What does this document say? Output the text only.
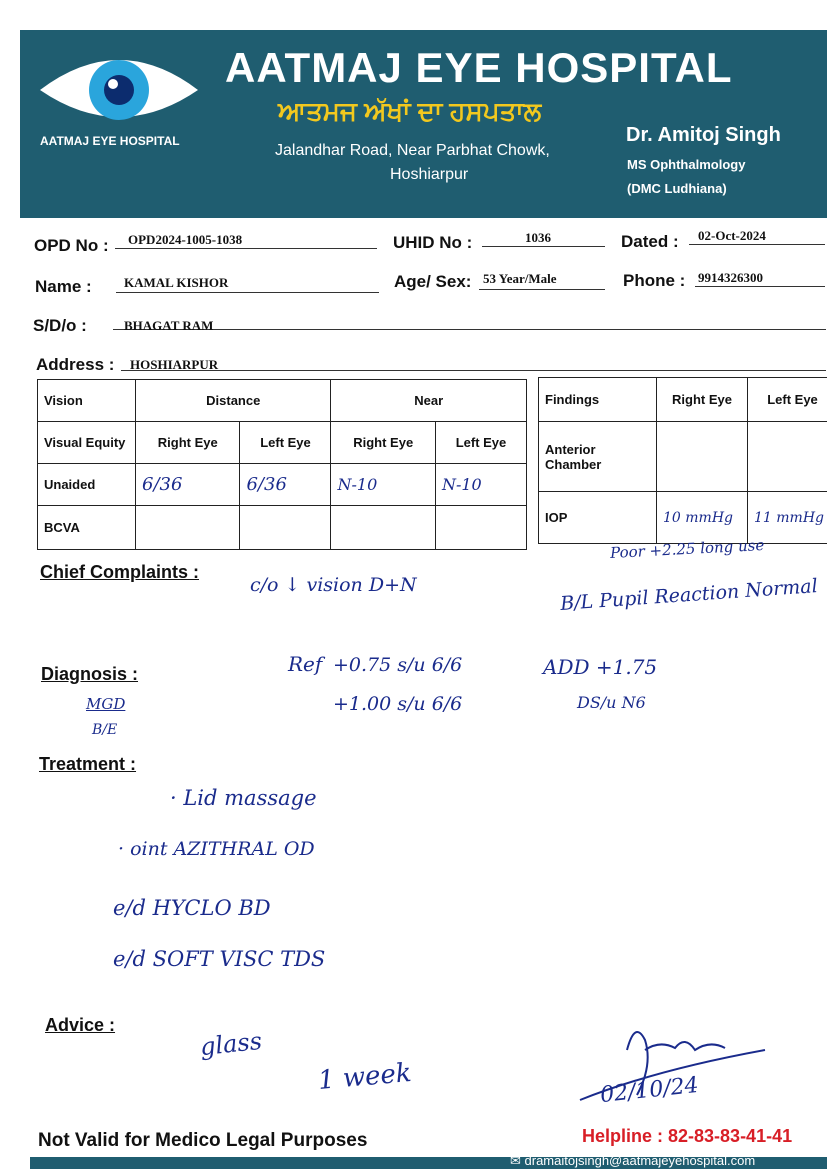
AATMAJ EYE HOSPITAL
AATMAJ EYE HOSPITAL
ਆਤਮਜ ਅੱਖਾਂ ਦਾ ਹਸਪਤਾਲ
Jalandhar Road, Near Parbhat Chowk,
Hoshiarpur
Dr. Amitoj Singh
MS Ophthalmology
(DMC Ludhiana)
OPD No : OPD2024-1005-1038	UHID No :	1036	Dated : 02-Oct-2024
Name : KAMAL KISHOR	Age/ Sex: 53 Year/Male	Phone : 9914326300
S/D/o :	BHAGAT RAM
Address : HOSHIARPUR
Vision	Distance		Near	
Visual Equity	Right Eye	Left Eye	Right Eye	Left Eye
Unaided	6/36	6/36	N-10	N-10
BCVA				
Findings	Right Eye	Left Eye
Anterior Chamber		
IOP	10 mmHg	11 mmHg
Chief Complaints :
Diagnosis :
Treatment :
Advice :
Poor +2.25 long use
B/L Pupil Reaction Normal
c/o ↓ vision D+N
MGD
B/E
Ref +0.75 s/u 6/6
+1.00 s/u 6/6
ADD +1.75
DS/u N6
· Lid massage
· oint AZITHRAL OD
e/d HYCLO BD
e/d SOFT VISC TDS
glass
1 week	02/10/24
Not Valid for Medico Legal Purposes	Helpline : 82-83-83-41-41
✉ dramaitojsingh@aatmajeyehospital.com
